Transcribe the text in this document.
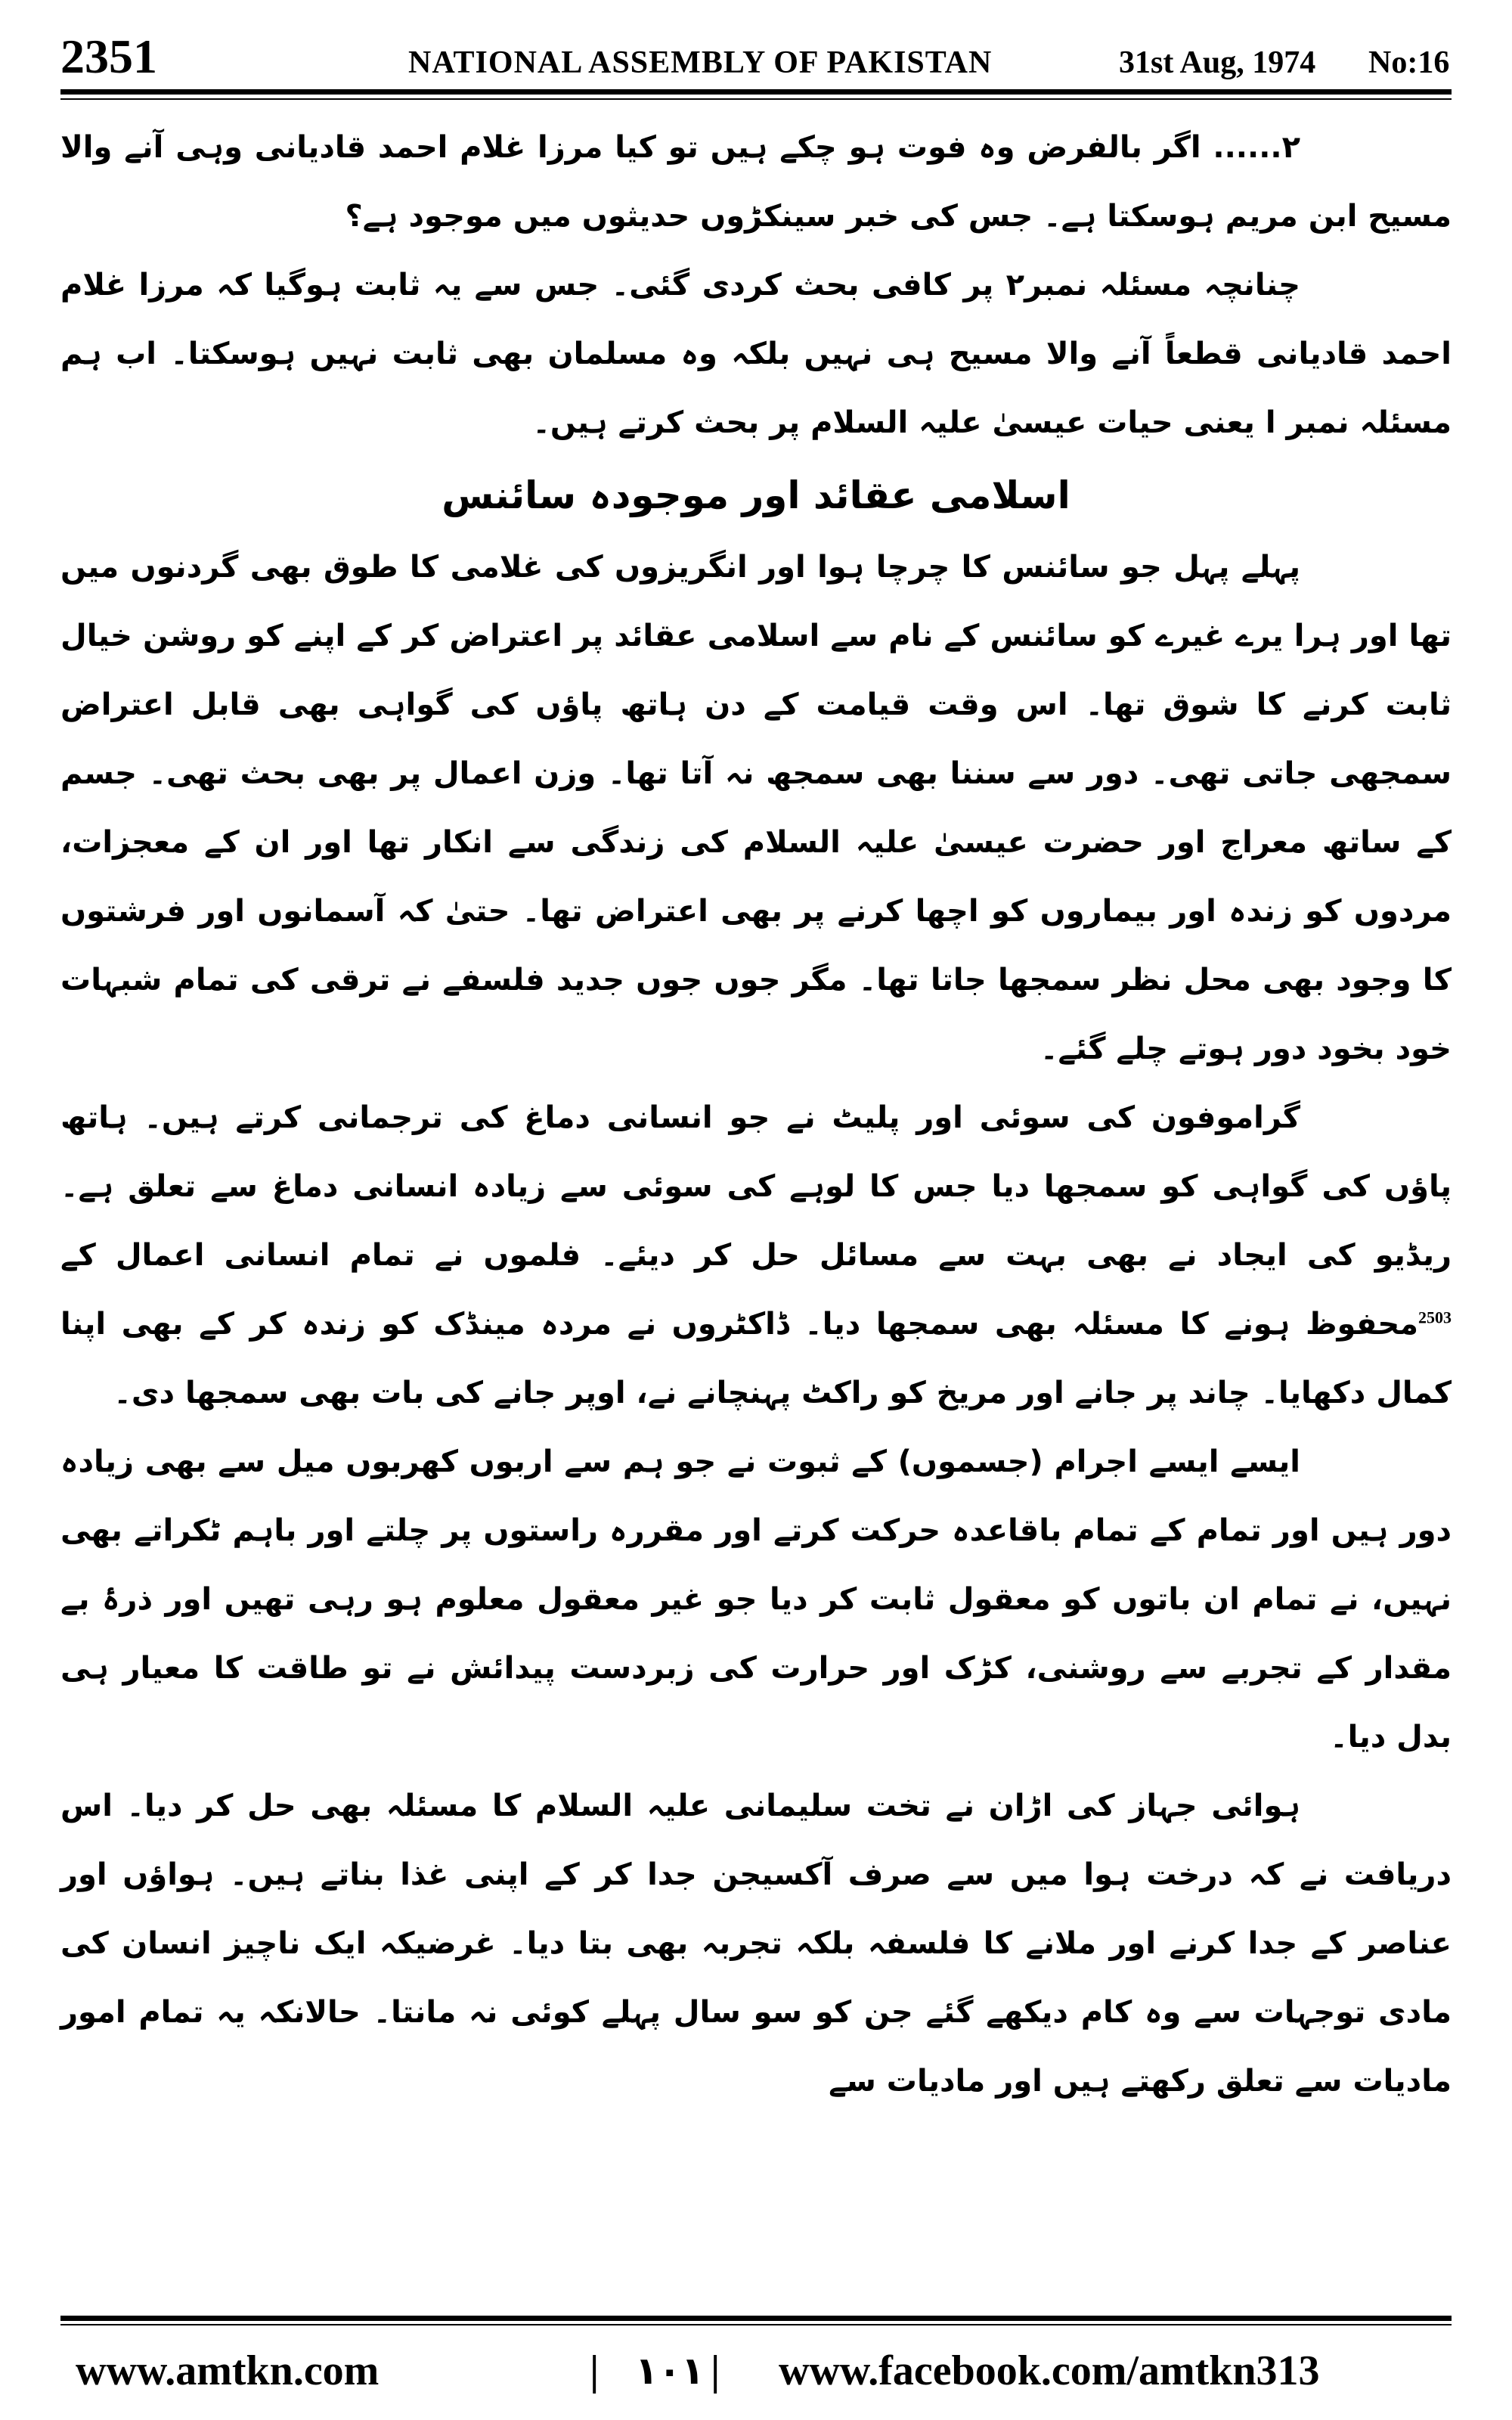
2351	NATIONAL ASSEMBLY OF PAKISTAN	31st Aug, 1974 No:16

۲...... اگر بالفرض وہ فوت ہو چکے ہیں تو کیا مرزا غلام احمد قادیانی وہی آنے والا مسیح ابن مریم ہوسکتا ہے۔ جس کی خبر سینکڑوں حدیثوں میں موجود ہے؟

چنانچہ مسئلہ نمبر۲ پر کافی بحث کردی گئی۔ جس سے یہ ثابت ہوگیا کہ مرزا غلام احمد قادیانی قطعاً آنے والا مسیح ہی نہیں بلکہ وہ مسلمان بھی ثابت نہیں ہوسکتا۔ اب ہم مسئلہ نمبر ا یعنی حیات عیسیٰ علیہ السلام پر بحث کرتے ہیں۔

اسلامی عقائد اور موجودہ سائنس

پہلے پہل جو سائنس کا چرچا ہوا اور انگریزوں کی غلامی کا طوق بھی گردنوں میں تھا اور ہرا یرے غیرے کو سائنس کے نام سے اسلامی عقائد پر اعتراض کر کے اپنے کو روشن خیال ثابت کرنے کا شوق تھا۔ اس وقت قیامت کے دن ہاتھ پاؤں کی گواہی بھی قابل اعتراض سمجھی جاتی تھی۔ دور سے سننا بھی سمجھ نہ آتا تھا۔ وزن اعمال پر بھی بحث تھی۔ جسم کے ساتھ معراج اور حضرت عیسیٰ علیہ السلام کی زندگی سے انکار تھا اور ان کے معجزات، مردوں کو زندہ اور بیماروں کو اچھا کرنے پر بھی اعتراض تھا۔ حتیٰ کہ آسمانوں اور فرشتوں کا وجود بھی محل نظر سمجھا جاتا تھا۔ مگر جوں جوں جدید فلسفے نے ترقی کی تمام شبہات خود بخود دور ہوتے چلے گئے۔

گراموفون کی سوئی اور پلیٹ نے جو انسانی دماغ کی ترجمانی کرتے ہیں۔ ہاتھ پاؤں کی گواہی کو سمجھا دیا جس کا لوہے کی سوئی سے زیادہ انسانی دماغ سے تعلق ہے۔ ریڈیو کی ایجاد نے بھی بہت سے مسائل حل کر دیئے۔ فلموں نے تمام انسانی اعمال کے $^{2503}$محفوظ ہونے کا مسئلہ بھی سمجھا دیا۔ ڈاکٹروں نے مردہ مینڈک کو زندہ کر کے بھی اپنا کمال دکھایا۔ چاند پر جانے اور مریخ کو راکٹ پہنچانے نے، اوپر جانے کی بات بھی سمجھا دی۔

ایسے ایسے اجرام (جسموں) کے ثبوت نے جو ہم سے اربوں کھربوں میل سے بھی زیادہ دور ہیں اور تمام کے تمام باقاعدہ حرکت کرتے اور مقررہ راستوں پر چلتے اور باہم ٹکراتے بھی نہیں، نے تمام ان باتوں کو معقول ثابت کر دیا جو غیر معقول معلوم ہو رہی تھیں اور ذرۂ بے مقدار کے تجربے سے روشنی، کڑک اور حرارت کی زبردست پیدائش نے تو طاقت کا معیار ہی بدل دیا۔

ہوائی جہاز کی اڑان نے تخت سلیمانی علیہ السلام کا مسئلہ بھی حل کر دیا۔ اس دریافت نے کہ درخت ہوا میں سے صرف آکسیجن جدا کر کے اپنی غذا بناتے ہیں۔ ہواؤں اور عناصر کے جدا کرنے اور ملانے کا فلسفہ بلکہ تجربہ بھی بتا دیا۔ غرضیکہ ایک ناچیز انسان کی مادی توجہات سے وہ کام دیکھے گئے جن کو سو سال پہلے کوئی نہ مانتا۔ حالانکہ یہ تمام امور مادیات سے تعلق رکھتے ہیں اور مادیات سے

www.amtkn.com	| ۱۰۱ | www.facebook.com/amtkn313
